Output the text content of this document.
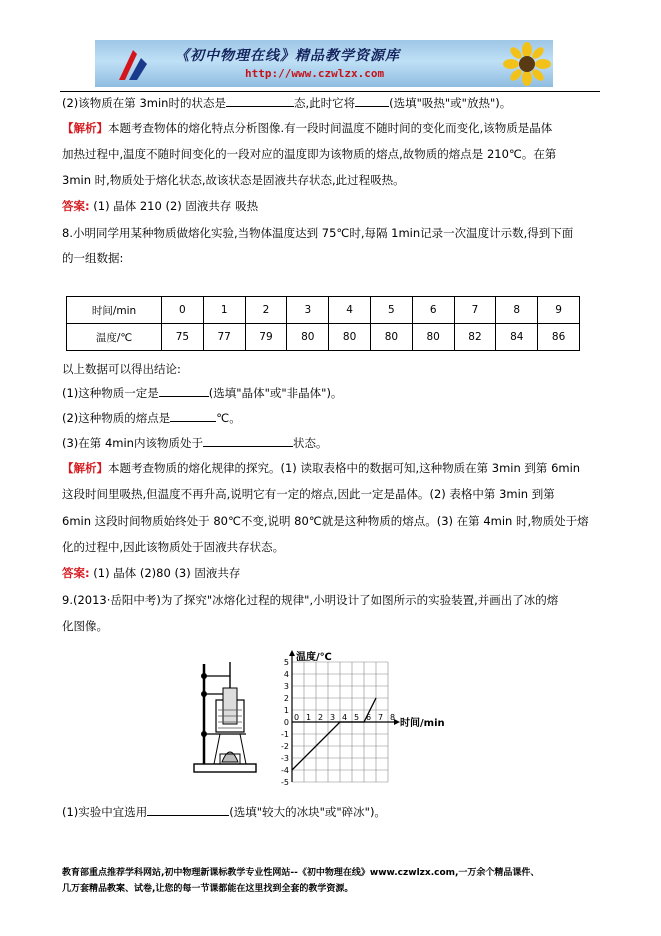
《初中物理在线》精品教学资源库
http://www.czwlzx.com
(2)该物质在第 3min时的状态是	态,此时它将	(选填"吸热"或"放热")。
【解析】本题考查物体的熔化特点分析图像.有一段时间温度不随时间的变化而变化,该物质是晶体
加热过程中,温度不随时间变化的一段对应的温度即为该物质的熔点,故物质的熔点是 210℃。在第
3min 时,物质处于熔化状态,故该状态是固液共存状态,此过程吸热。
答案: (1) 晶体 210 (2) 固液共存 吸热
8.小明同学用某种物质做熔化实验,当物体温度达到 75℃时,每隔 1min记录一次温度计示数,得到下面
的一组数据:
时间/min	0	1	2	3	4	5	6	7	8	9
温度/℃	75	77	79	80	80	80	80	82	84	86
以上数据可以得出结论:
(1)这种物质一定是	(选填"晶体"或"非晶体")。
(2)这种物质的熔点是	℃。
(3)在第 4min内该物质处于	状态。
【解析】本题考查物质的熔化规律的探究。(1) 读取表格中的数据可知,这种物质在第 3min 到第 6min
这段时间里吸热,但温度不再升高,说明它有一定的熔点,因此一定是晶体。(2) 表格中第 3min 到第
6min 这段时间物质始终处于 80℃不变,说明 80℃就是这种物质的熔点。(3) 在第 4min 时,物质处于熔
化的过程中,因此该物质处于固液共存状态。
答案: (1) 晶体 (2)80 (3) 固液共存
9.(2013·岳阳中考)为了探究"冰熔化过程的规律",小明设计了如图所示的实验装置,并画出了冰的熔
化图像。
5
4
3
2
1
0
-1
-2
-3
-4
-5
0 1 2 3 4 5 6 7 8
温度/℃
时间/min
(1)实验中宜选用	(选填"较大的冰块"或"碎冰")。
教育部重点推荐学科网站,初中物理新课标教学专业性网站--《初中物理在线》www.czwlzx.com,一万余个精品课件、
几万套精品教案、试卷,让您的每一节课都能在这里找到全套的教学资源。
